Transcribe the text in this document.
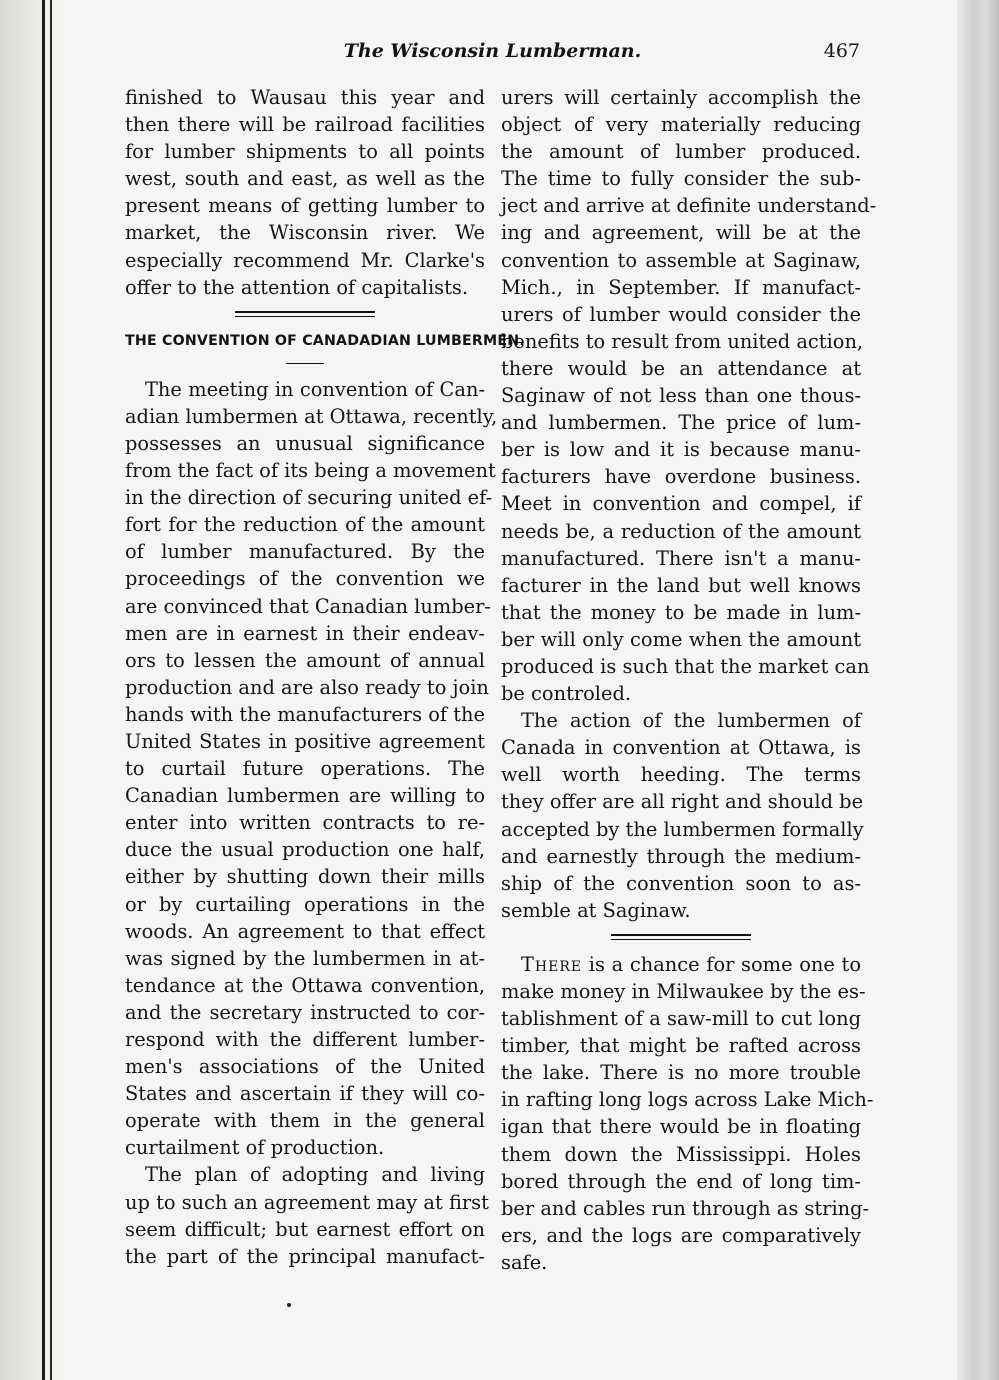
The Wisconsin Lumberman.	467
finished to Wausau this year and
then there will be railroad facilities
for lumber shipments to all points
west, south and east, as well as the
present means of getting lumber to
market, the Wisconsin river. We
especially recommend Mr. Clarke's
offer to the attention of capitalists.
THE CONVENTION OF CANADADIAN LUMBERMEN.
The meeting in convention of Can-
adian lumbermen at Ottawa, recently,
possesses an unusual significance
from the fact of its being a movement
in the direction of securing united ef-
fort for the reduction of the amount
of lumber manufactured. By the
proceedings of the convention we
are convinced that Canadian lumber-
men are in earnest in their endeav-
ors to lessen the amount of annual
production and are also ready to join
hands with the manufacturers of the
United States in positive agreement
to curtail future operations. The
Canadian lumbermen are willing to
enter into written contracts to re-
duce the usual production one half,
either by shutting down their mills
or by curtailing operations in the
woods. An agreement to that effect
was signed by the lumbermen in at-
tendance at the Ottawa convention,
and the secretary instructed to cor-
respond with the different lumber-
men's associations of the United
States and ascertain if they will co-
operate with them in the general
curtailment of production.
The plan of adopting and living
up to such an agreement may at first
seem difficult; but earnest effort on
the part of the principal manufact-
urers will certainly accomplish the
object of very materially reducing
the amount of lumber produced.
The time to fully consider the sub-
ject and arrive at definite understand-
ing and agreement, will be at the
convention to assemble at Saginaw,
Mich., in September. If manufact-
urers of lumber would consider the
benefits to result from united action,
there would be an attendance at
Saginaw of not less than one thous-
and lumbermen. The price of lum-
ber is low and it is because manu-
facturers have overdone business.
Meet in convention and compel, if
needs be, a reduction of the amount
manufactured. There isn't a manu-
facturer in the land but well knows
that the money to be made in lum-
ber will only come when the amount
produced is such that the market can
be controled.
The action of the lumbermen of
Canada in convention at Ottawa, is
well worth heeding. The terms
they offer are all right and should be
accepted by the lumbermen formally
and earnestly through the medium-
ship of the convention soon to as-
semble at Saginaw.
There is a chance for some one to
make money in Milwaukee by the es-
tablishment of a saw-mill to cut long
timber, that might be rafted across
the lake. There is no more trouble
in rafting long logs across Lake Mich-
igan that there would be in floating
them down the Mississippi. Holes
bored through the end of long tim-
ber and cables run through as string-
ers, and the logs are comparatively
safe.
